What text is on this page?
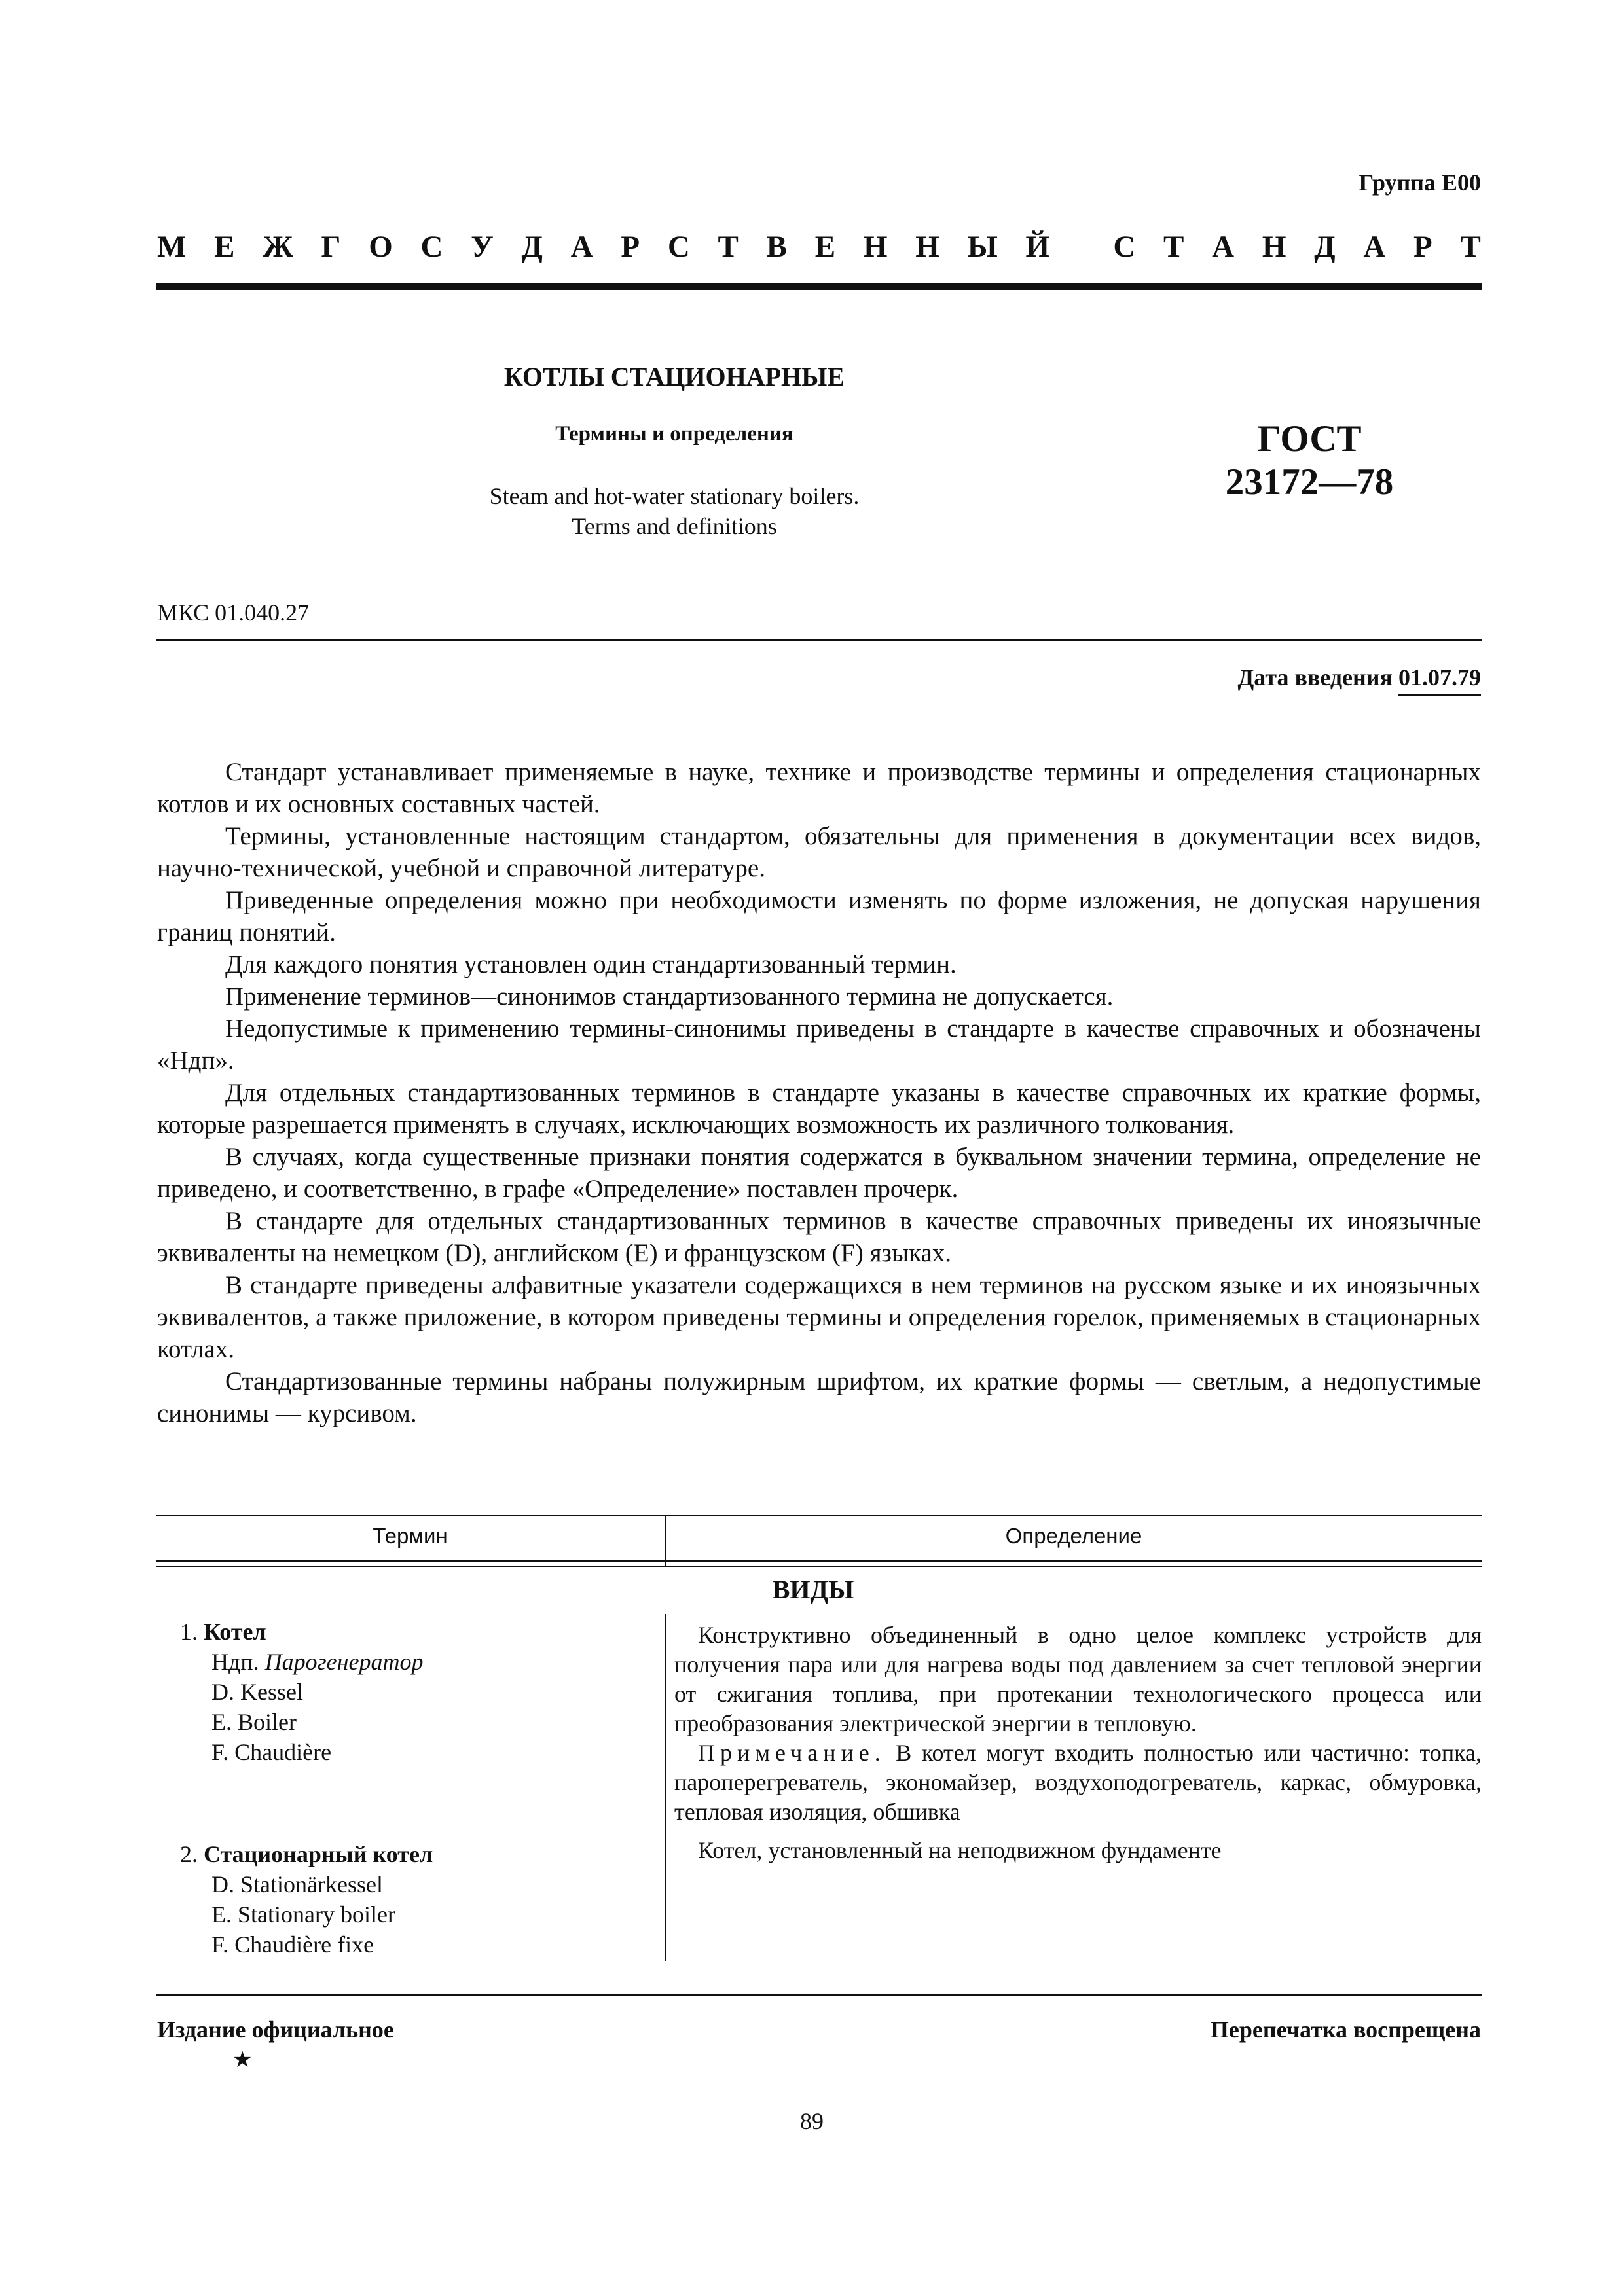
Группа Е00
М Е Ж Г О С У Д А Р С Т В Е Н Н Ы Й
С Т А Н Д А Р Т
КОТЛЫ СТАЦИОНАРНЫЕ
Термины и определения
Steam and hot-water stationary boilers.
Terms and definitions
ГОСТ
23172—78
МКС 01.040.27
Дата введения 01.07.79

Стандарт устанавливает применяемые в науке, технике и производстве термины и определения стационарных котлов и их основных составных частей.

Термины, установленные настоящим стандартом, обязательны для применения в документации всех видов, научно-технической, учебной и справочной литературе.

Приведенные определения можно при необходимости изменять по форме изложения, не допуская нарушения границ понятий.

Для каждого понятия установлен один стандартизованный термин.

Применение терминов—синонимов стандартизованного термина не допускается.

Недопустимые к применению термины-синонимы приведены в стандарте в качестве справочных и обозначены «Ндп».

Для отдельных стандартизованных терминов в стандарте указаны в качестве справочных их краткие формы, которые разрешается применять в случаях, исключающих возможность их различного толкования.

В случаях, когда существенные признаки понятия содержатся в буквальном значении термина, определение не приведено, и соответственно, в графе «Определение» поставлен прочерк.

В стандарте для отдельных стандартизованных терминов в качестве справочных приведены их иноязычные эквиваленты на немецком (D), английском (E) и французском (F) языках.

В стандарте приведены алфавитные указатели содержащихся в нем терминов на русском языке и их иноязычных эквивалентов, а также приложение, в котором приведены термины и определения горелок, применяемых в стационарных котлах.

Стандартизованные термины набраны полужирным шрифтом, их краткие формы — светлым, а недопустимые синонимы — курсивом.

Термин	Определение
ВИДЫ
1. Котел
Ндп. Парогенератор
D. Kessel
E. Boiler
F. Chaudière

Конструктивно объединенный в одно целое комплекс устройств для получения пара или для нагрева воды под давлением за счет тепловой энергии от сжигания топлива, при протекании технологического процесса или преобразования электрической энергии в тепловую.

Примечание. В котел могут входить полностью или частично: топка, пароперегреватель, экономайзер, воздухоподогреватель, каркас, обмуровка, тепловая изоляция, обшивка

2. Стационарный котел
D. Stationärkessel
E. Stationary boiler
F. Chaudière fixe

Котел, установленный на неподвижном фундаменте

Издание официальное
★
Перепечатка воспрещена
89
